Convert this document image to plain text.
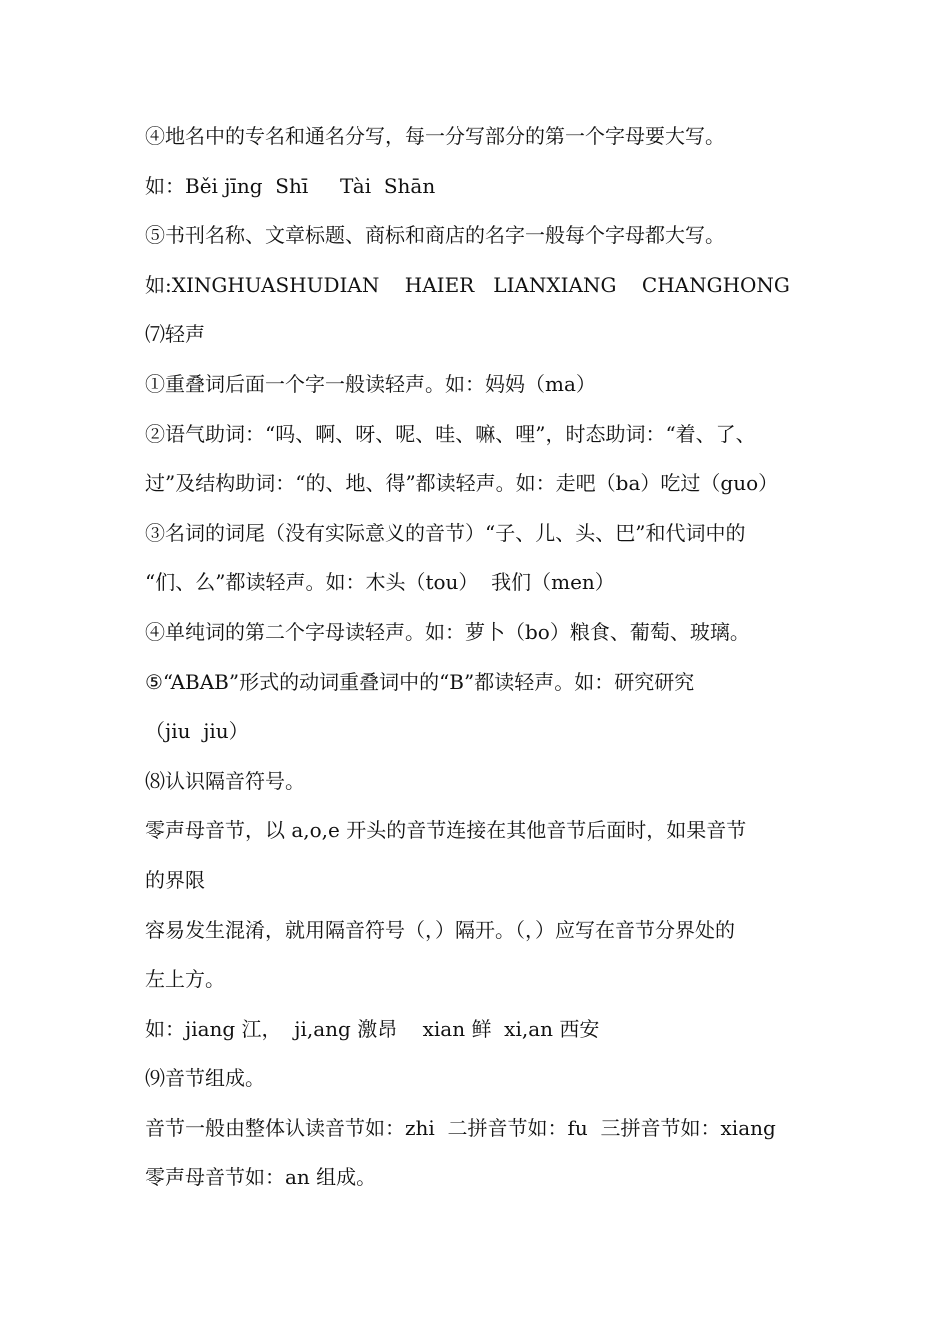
④地名中的专名和通名分写，每一分写部分的第一个字母要大写。
如：Běi jīng  Shī     Tài  Shān
⑤书刊名称、文章标题、商标和商店的名字一般每个字母都大写。
如:XINGHUASHUDIAN    HAIER   LIANXIANG    CHANGHONG
⑺轻声
①重叠词后面一个字一般读轻声。如：妈妈（ma）
②语气助词：“吗、啊、呀、呢、哇、嘛、哩”，时态助词：“着、了、
过”及结构助词：“的、地、得”都读轻声。如：走吧（ba）吃过（guo）
③名词的词尾（没有实际意义的音节）“子、儿、头、巴”和代词中的
“们、么”都读轻声。如：木头（tou）  我们（men）
④单纯词的第二个字母读轻声。如：萝卜（bo）粮食、葡萄、玻璃。
⑤“ABAB”形式的动词重叠词中的“B”都读轻声。如：研究研究
（jiu  jiu）
⑻认识隔音符号。
零声母音节，以 a,o,e 开头的音节连接在其他音节后面时，如果音节
的界限
容易发生混淆，就用隔音符号（，）隔开。（，）应写在音节分界处的
左上方。
如：jiang 江，  ji,ang 激昂    xian 鲜  xi,an 西安
⑼音节组成。
音节一般由整体认读音节如：zhi  二拼音节如：fu  三拼音节如：xiang
零声母音节如：an 组成。
